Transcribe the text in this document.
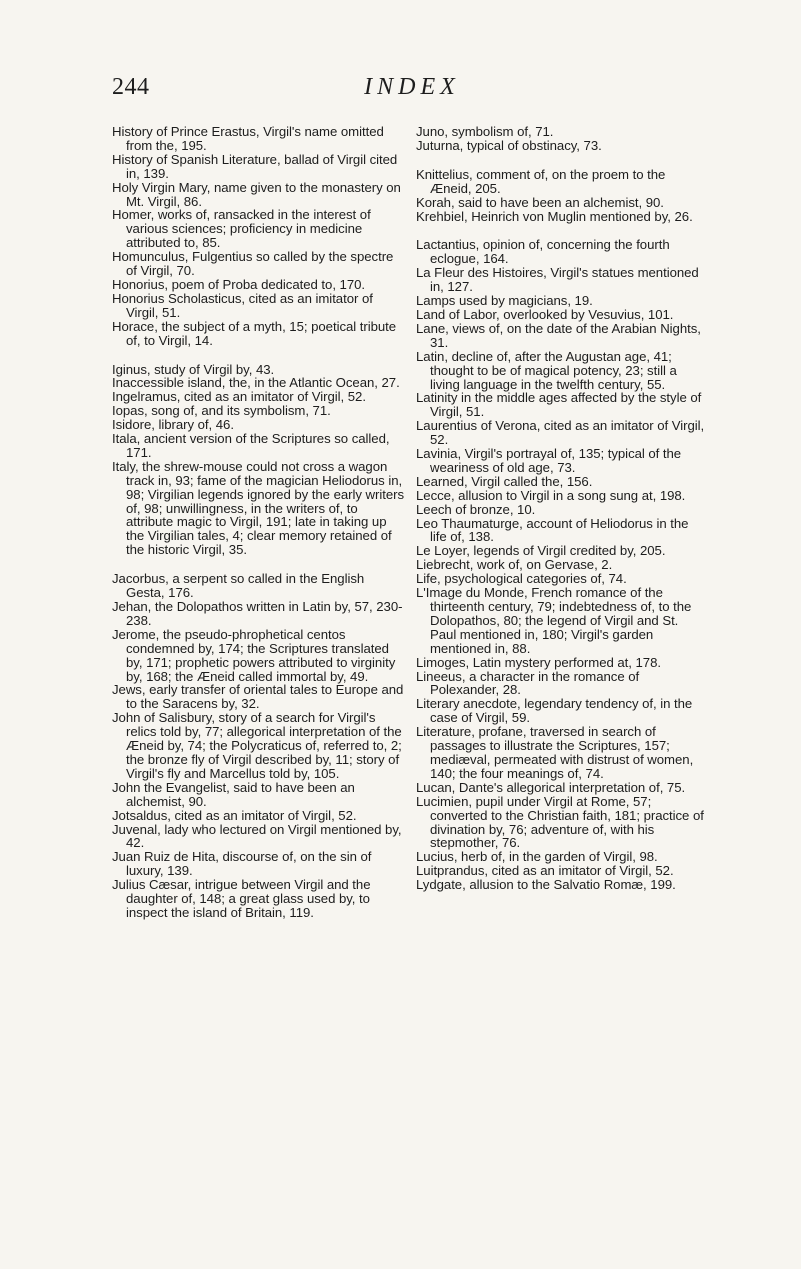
244	INDEX

History of Prince Erastus, Virgil's name omitted from the, 195.

History of Spanish Literature, ballad of Virgil cited in, 139.

Holy Virgin Mary, name given to the monastery on Mt. Virgil, 86.

Homer, works of, ransacked in the interest of various sciences; proficiency in medicine attributed to, 85.

Homunculus, Fulgentius so called by the spectre of Virgil, 70.

Honorius, poem of Proba dedicated to, 170.

Honorius Scholasticus, cited as an imitator of Virgil, 51.

Horace, the subject of a myth, 15; poetical tribute of, to Virgil, 14.

Iginus, study of Virgil by, 43.

Inaccessible island, the, in the Atlantic Ocean, 27.

Ingelramus, cited as an imitator of Virgil, 52.

Iopas, song of, and its symbolism, 71.

Isidore, library of, 46.

Itala, ancient version of the Scriptures so called, 171.

Italy, the shrew-mouse could not cross a wagon track in, 93; fame of the magician Heliodorus in, 98; Virgilian legends ignored by the early writers of, 98; unwillingness, in the writers of, to attribute magic to Virgil, 191; late in taking up the Virgilian tales, 4; clear memory retained of the historic Virgil, 35.

Jacorbus, a serpent so called in the English Gesta, 176.

Jehan, the Dolopathos written in Latin by, 57, 230-238.

Jerome, the pseudo-phrophetical centos condemned by, 174; the Scriptures translated by, 171; prophetic powers attributed to virginity by, 168; the Æneid called immortal by, 49.

Jews, early transfer of oriental tales to Europe and to the Saracens by, 32.

John of Salisbury, story of a search for Virgil's relics told by, 77; allegorical interpretation of the Æneid by, 74; the Polycraticus of, referred to, 2; the bronze fly of Virgil described by, 11; story of Virgil's fly and Marcellus told by, 105.

John the Evangelist, said to have been an alchemist, 90.

Jotsaldus, cited as an imitator of Virgil, 52.

Juvenal, lady who lectured on Virgil mentioned by, 42.

Juan Ruiz de Hita, discourse of, on the sin of luxury, 139.

Julius Cæsar, intrigue between Virgil and the daughter of, 148; a great glass used by, to inspect the island of Britain, 119.

Juno, symbolism of, 71.

Juturna, typical of obstinacy, 73.

Knittelius, comment of, on the proem to the Æneid, 205.

Korah, said to have been an alchemist, 90.

Krehbiel, Heinrich von Muglin mentioned by, 26.

Lactantius, opinion of, concerning the fourth eclogue, 164.

La Fleur des Histoires, Virgil's statues mentioned in, 127.

Lamps used by magicians, 19.

Land of Labor, overlooked by Vesuvius, 101.

Lane, views of, on the date of the Arabian Nights, 31.

Latin, decline of, after the Augustan age, 41; thought to be of magical potency, 23; still a living language in the twelfth century, 55.

Latinity in the middle ages affected by the style of Virgil, 51.

Laurentius of Verona, cited as an imitator of Virgil, 52.

Lavinia, Virgil's portrayal of, 135; typical of the weariness of old age, 73.

Learned, Virgil called the, 156.

Lecce, allusion to Virgil in a song sung at, 198.

Leech of bronze, 10.

Leo Thaumaturge, account of Heliodorus in the life of, 138.

Le Loyer, legends of Virgil credited by, 205.

Liebrecht, work of, on Gervase, 2.

Life, psychological categories of, 74.

L'Image du Monde, French romance of the thirteenth century, 79; indebtedness of, to the Dolopathos, 80; the legend of Virgil and St. Paul mentioned in, 180; Virgil's garden mentioned in, 88.

Limoges, Latin mystery performed at, 178.

Lineeus, a character in the romance of Polexander, 28.

Literary anecdote, legendary tendency of, in the case of Virgil, 59.

Literature, profane, traversed in search of passages to illustrate the Scriptures, 157; mediæval, permeated with distrust of women, 140; the four meanings of, 74.

Lucan, Dante's allegorical interpretation of, 75.

Lucimien, pupil under Virgil at Rome, 57; converted to the Christian faith, 181; practice of divination by, 76; adventure of, with his stepmother, 76.

Lucius, herb of, in the garden of Virgil, 98.

Luitprandus, cited as an imitator of Virgil, 52.

Lydgate, allusion to the Salvatio Romæ, 199.
